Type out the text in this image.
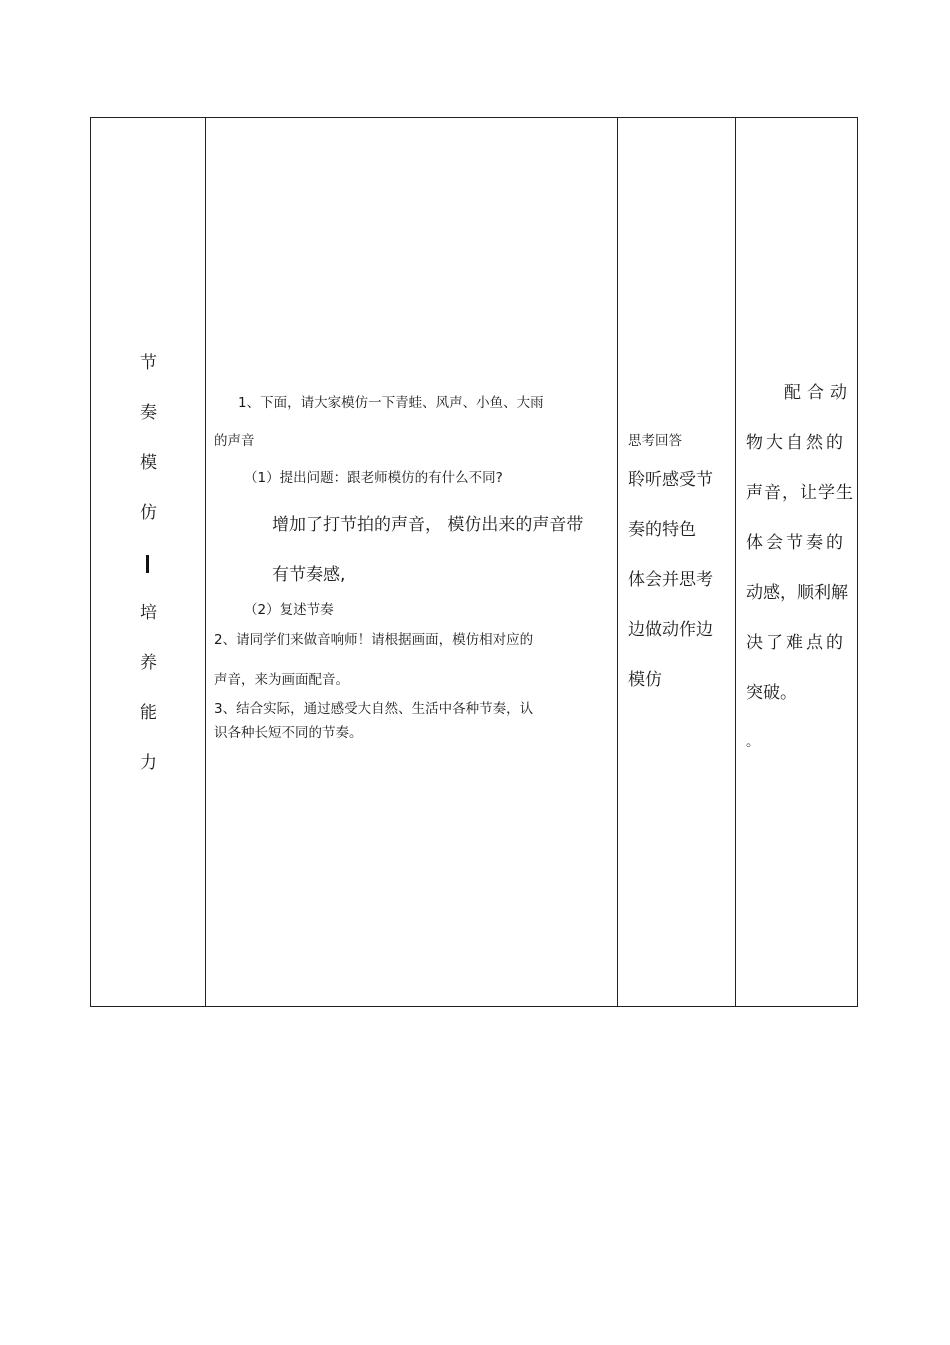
节
奏
模
仿
培
养
能
力
1、下面，请大家模仿一下青蛙、风声、小鱼、大雨
的声音
（1）提出问题：跟老师模仿的有什么不同?
增加了打节拍的声音， 模仿出来的声音带
有节奏感,
（2）复述节奏
2、请同学们来做音响师！请根据画面，模仿相对应的
声音，来为画面配音。
3、结合实际，通过感受大自然、生活中各种节奏，认
识各种长短不同的节奏。
思考回答
聆听感受节
奏的特色
体会并思考
边做动作边
模仿
配合动
物大自然的
声音，让学生
体会节奏的
动感，顺利解
决了难点的
突破。
。
